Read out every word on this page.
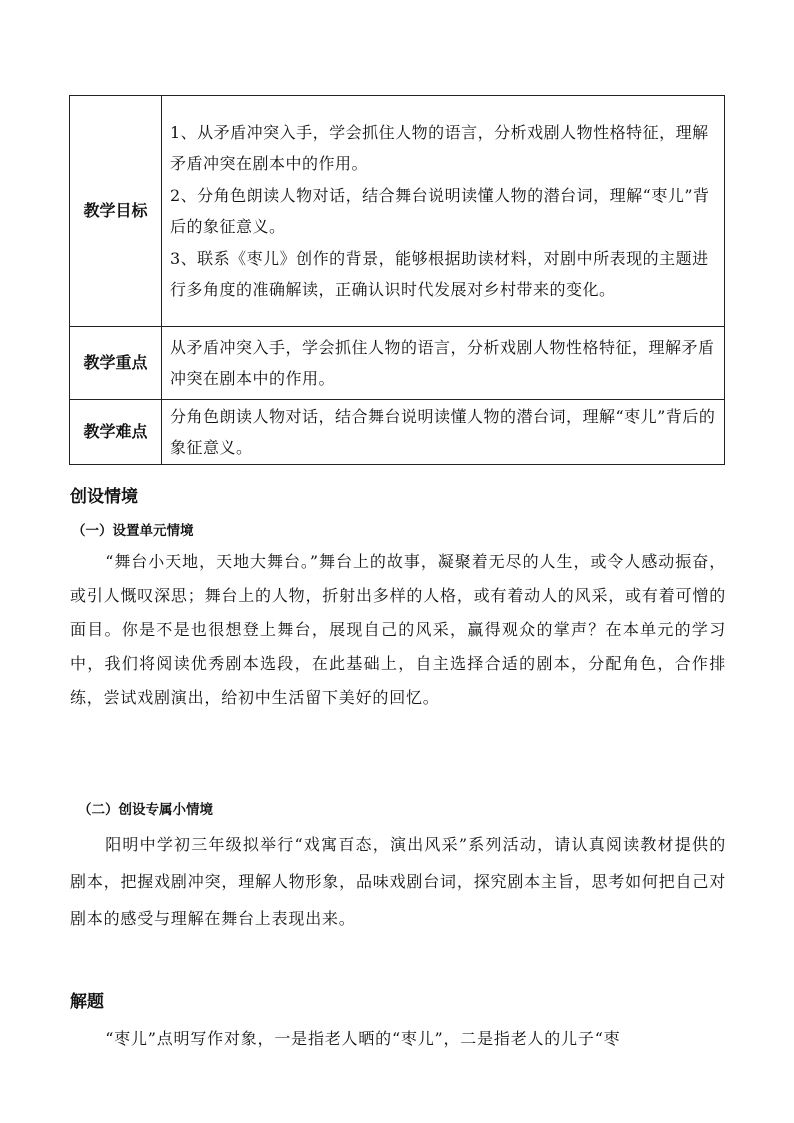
教学目标	1、从矛盾冲突入手，学会抓住人物的语言，分析戏剧人物性格特征，理解矛盾冲突在剧本中的作用。

2、分角色朗读人物对话，结合舞台说明读懂人物的潜台词，理解“枣儿”背后的象征意义。

3、联系《枣儿》创作的背景，能够根据助读材料，对剧中所表现的主题进行多角度的准确解读，正确认识时代发展对乡村带来的变化。

教学重点	从矛盾冲突入手，学会抓住人物的语言，分析戏剧人物性格特征，理解矛盾冲突在剧本中的作用。

教学难点	分角色朗读人物对话，结合舞台说明读懂人物的潜台词，理解“枣儿”背后的象征意义。

创设情境
（一）设置单元情境

“舞台小天地，天地大舞台。”舞台上的故事，凝聚着无尽的人生，或令人感动振奋，或引人慨叹深思；舞台上的人物，折射出多样的人格，或有着动人的风采，或有着可憎的面目。你是不是也很想登上舞台，展现自己的风采，赢得观众的掌声？在本单元的学习中，我们将阅读优秀剧本选段，在此基础上，自主选择合适的剧本，分配角色，合作排练，尝试戏剧演出，给初中生活留下美好的回忆。

（二）创设专属小情境

阳明中学初三年级拟举行“戏寓百态，演出风采”系列活动，请认真阅读教材提供的剧本，把握戏剧冲突，理解人物形象，品味戏剧台词，探究剧本主旨，思考如何把自己对剧本的感受与理解在舞台上表现出来。

解题

“枣儿”点明写作对象，一是指老人晒的“枣儿”，二是指老人的儿子“枣
